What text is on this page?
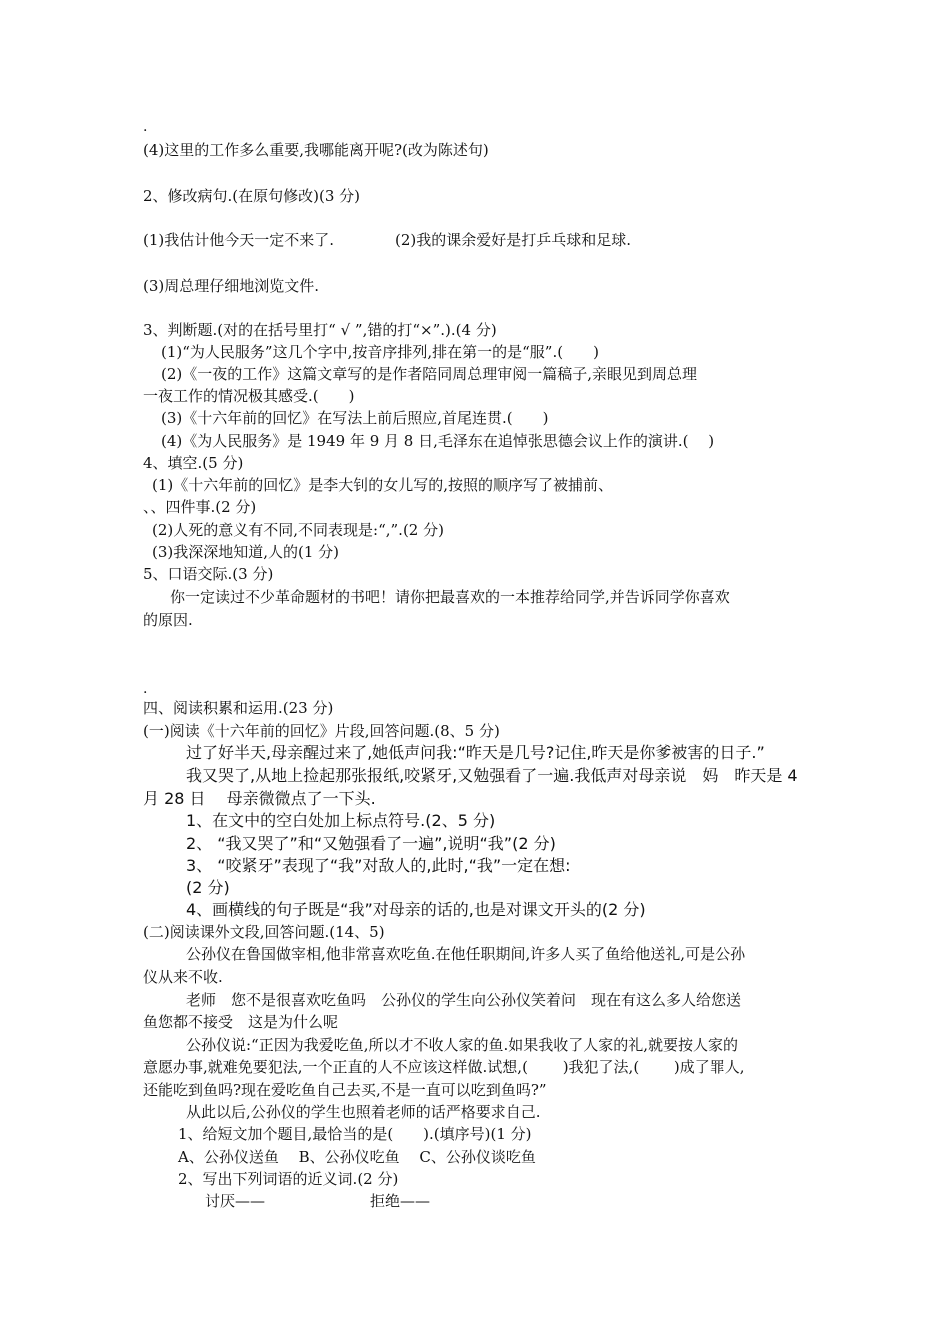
.
(4)这里的工作多么重要,我哪能离开呢?(改为陈述句)
2、修改病句.(在原句修改)(3 分)
(1)我估计他今天一定不来了.	(2)我的课余爱好是打乒乓球和足球.
(3)周总理仔细地浏览文件.
3、判断题.(对的在括号里打“ √ ”,错的打“×”.).(4 分)
(1)“为人民服务”这几个字中,按音序排列,排在第一的是“服”.(　　)
(2)《一夜的工作》这篇文章写的是作者陪同周总理审阅一篇稿子,亲眼见到周总理
一夜工作的情况极其感受.(　　)
(3)《十六年前的回忆》在写法上前后照应,首尾连贯.(　　)
(4)《为人民服务》是 1949 年 9 月 8 日,毛泽东在追悼张思德会议上作的演讲.(　 )
4、填空.(5 分)
(1)《十六年前的回忆》是李大钊的女儿写的,按照的顺序写了被捕前、
、、四件事.(2 分)
(2)人死的意义有不同,不同表现是:“,”.(2 分)
(3)我深深地知道,人的(1 分)
5、口语交际.(3 分)
你一定读过不少革命题材的书吧！请你把最喜欢的一本推荐给同学,并告诉同学你喜欢
的原因.
.
四、阅读积累和运用.(23 分)
(一)阅读《十六年前的回忆》片段,回答问题.(8、5 分)
过了好半天,母亲醒过来了,她低声问我:“昨天是几号?记住,昨天是你爹被害的日子.”
我又哭了,从地上捡起那张报纸,咬紧牙,又勉强看了一遍.我低声对母亲说　妈　昨天是 4
月 28 日　 母亲微微点了一下头.
1、在文中的空白处加上标点符号.(2、5 分)
2、 “我又哭了”和“又勉强看了一遍”,说明“我”(2 分)
3、 “咬紧牙”表现了“我”对敌人的,此时,“我”一定在想:
(2 分)
4、画横线的句子既是“我”对母亲的话的,也是对课文开头的(2 分)
(二)阅读课外文段,回答问题.(14、5)
公孙仪在鲁国做宰相,他非常喜欢吃鱼.在他任职期间,许多人买了鱼给他送礼,可是公孙
仪从来不收.
老师　您不是很喜欢吃鱼吗　公孙仪的学生向公孙仪笑着问　现在有这么多人给您送
鱼您都不接受　这是为什么呢
公孙仪说:“正因为我爱吃鱼,所以才不收人家的鱼.如果我收了人家的礼,就要按人家的
意愿办事,就难免要犯法,一个正直的人不应该这样做.试想,(　　 )我犯了法,(　　 )成了罪人,
还能吃到鱼吗?现在爱吃鱼自己去买,不是一直可以吃到鱼吗?”
从此以后,公孙仪的学生也照着老师的话严格要求自己.
1、给短文加个题目,最恰当的是(　　).(填序号)(1 分)
A、公孙仪送鱼　 B、公孙仪吃鱼　 C、公孙仪谈吃鱼
2、写出下列词语的近义词.(2 分)
讨厌——	拒绝——
